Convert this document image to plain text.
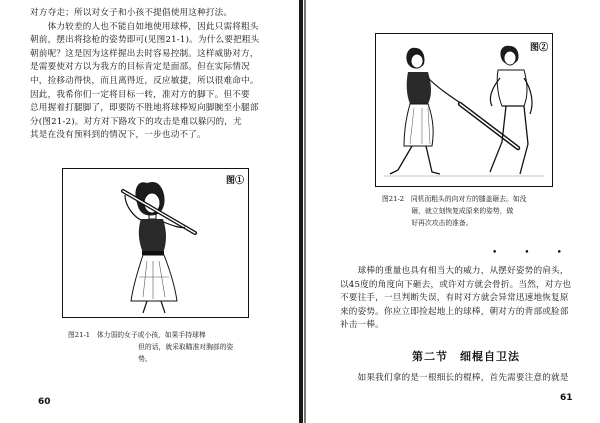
对方夺走；所以对女子和小孩不提倡使用这种打法。
　　体力较差的人也不能自如地使用球棒，因此只需将粗头
朝前，摆出将捻枪的姿势即可(见图21-1)。为什么要把粗头
朝前呢？这是因为这样握出去时容易控制。这样威胁对方，
是需要使对方以为我方的目标肯定是面部。但在实际情况
中，捡移动得快，而且离得近，反应敏捷，所以很难命中。
因此，我希你们一定将目标一转，准对方的脚下。但不要
总用握着打腿脚了，即要防不胜地将球棒短向脚腕至小腿部
分(图21-2)。对方对下路攻下的攻击是难以躲闪的，尤
其是在没有预料到的情况下，一步也动不了。
图①
图21-1　体力弱的女子或小孩，如果手持球棒
　　　　　　　　　　 但的话，就采取瞄准对胸部的姿
　　　　　　　　　　 势。
60
图②
图21-2　同机而粗头的向对方的膝盖砸去。如没
　　　　 砸，就立刻恢复成原来的姿势，做
　　　　 好再次攻击的准备。
•　　　•　　　•
　　球棒的重量也具有相当大的威力，从摆好姿势的肩头，
以45度的角度向下砸去，或许对方就会骨折。当然，对方也
不要往手，一旦判断失误，有时对方就会异常迅速地恢复原
来的姿势。你应立即捡起地上的球棒，朝对方的背部或脸部
补击一棒。
第二节　细棍自卫法
　　如果我们拿的是一根细长的棍棒，首先需要注意的就是
61
